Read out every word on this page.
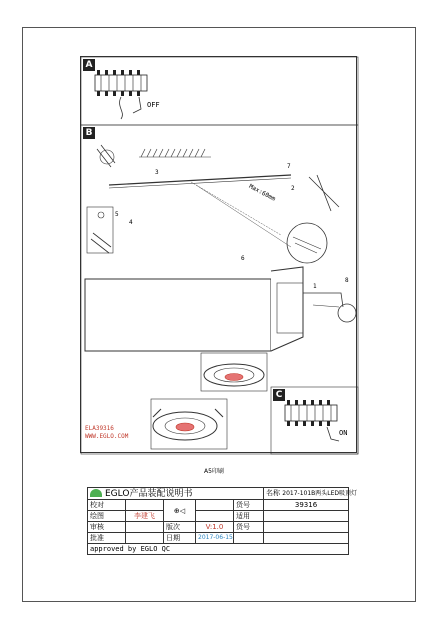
A
B
C
OFF
ON
Max:60mm
1
2
3
4
5
6
7
8
ELA39316
WWW.EGLO.COM
A5印刷
EGLO产品装配说明书					名称 2017-101B两头LED吸顶灯
校对		⊕◁		货号	39316
绘图	李建飞			适用	
审核		版次	V:1.0	货号	
批准		日期	2017-06-15		
approved by EGLO QC					
